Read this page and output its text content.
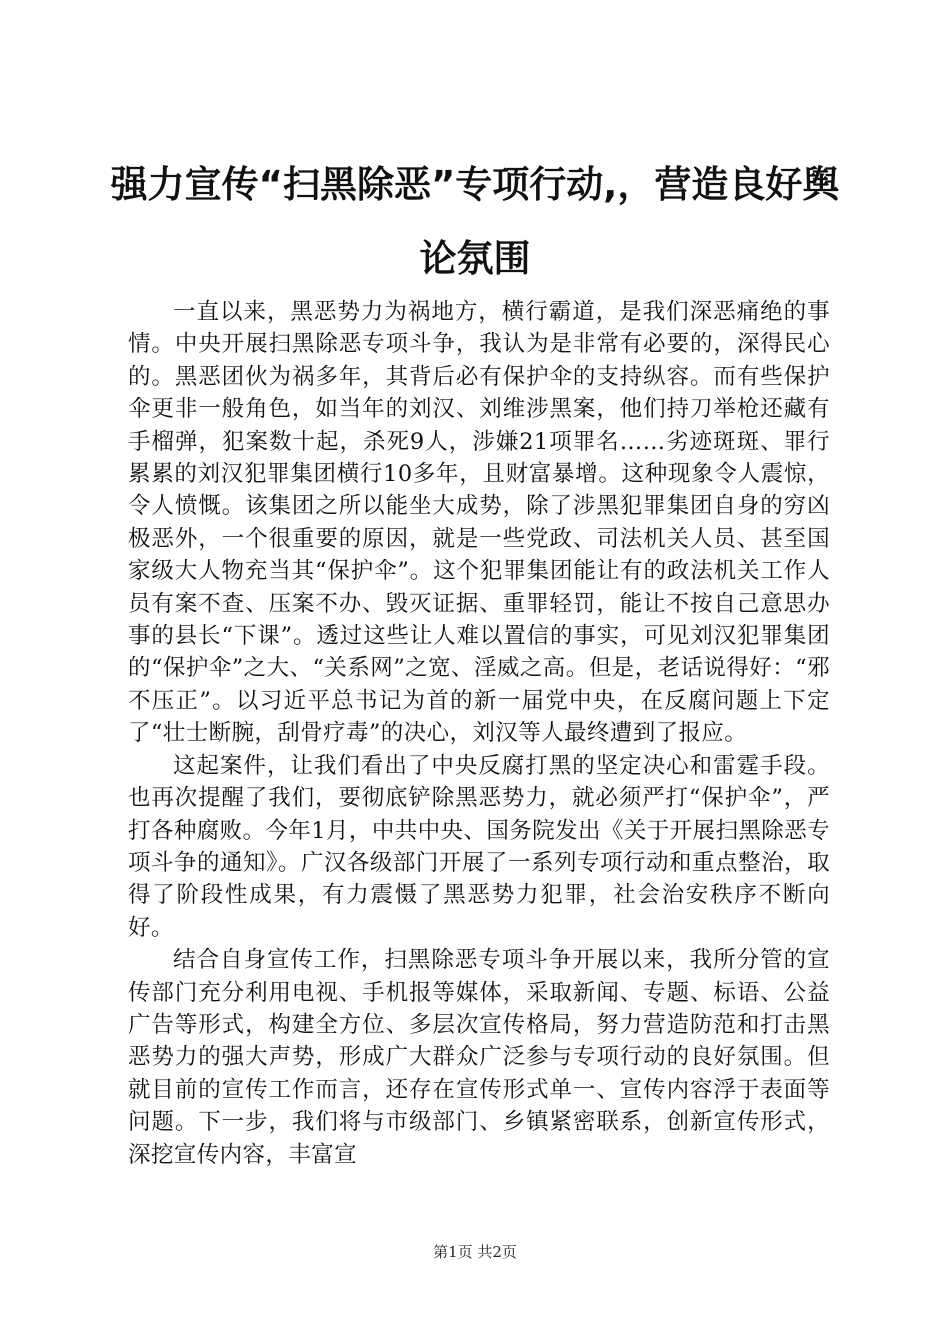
强力宣传“扫黑除恶”专项行动,，营造良好舆论氛围

一直以来，黑恶势力为祸地方，横行霸道，是我们深恶痛绝的事情。中央开展扫黑除恶专项斗争，我认为是非常有必要的，深得民心的。黑恶团伙为祸多年，其背后必有保护伞的支持纵容。而有些保护伞更非一般角色，如当年的刘汉、刘维涉黑案，他们持刀举枪还藏有手榴弹，犯案数十起，杀死9人，涉嫌21项罪名……劣迹斑斑、罪行累累的刘汉犯罪集团横行10多年，且财富暴增。这种现象令人震惊，令人愤慨。该集团之所以能坐大成势，除了涉黑犯罪集团自身的穷凶极恶外，一个很重要的原因，就是一些党政、司法机关人员、甚至国家级大人物充当其“保护伞”。这个犯罪集团能让有的政法机关工作人员有案不查、压案不办、毁灭证据、重罪轻罚，能让不按自己意思办事的县长“下课”。透过这些让人难以置信的事实，可见刘汉犯罪集团的“保护伞”之大、“关系网”之宽、淫威之高。但是，老话说得好：“邪不压正”。以习近平总书记为首的新一届党中央，在反腐问题上下定了“壮士断腕，刮骨疗毒”的决心，刘汉等人最终遭到了报应。

这起案件，让我们看出了中央反腐打黑的坚定决心和雷霆手段。也再次提醒了我们，要彻底铲除黑恶势力，就必须严打“保护伞”，严打各种腐败。今年1月，中共中央、国务院发出《关于开展扫黑除恶专项斗争的通知》。广汉各级部门开展了一系列专项行动和重点整治，取得了阶段性成果，有力震慑了黑恶势力犯罪，社会治安秩序不断向好。

结合自身宣传工作，扫黑除恶专项斗争开展以来，我所分管的宣传部门充分利用电视、手机报等媒体，采取新闻、专题、标语、公益广告等形式，构建全方位、多层次宣传格局，努力营造防范和打击黑恶势力的强大声势，形成广大群众广泛参与专项行动的良好氛围。但就目前的宣传工作而言，还存在宣传形式单一、宣传内容浮于表面等问题。下一步，我们将与市级部门、乡镇紧密联系，创新宣传形式，深挖宣传内容，丰富宣

第1页 共2页
